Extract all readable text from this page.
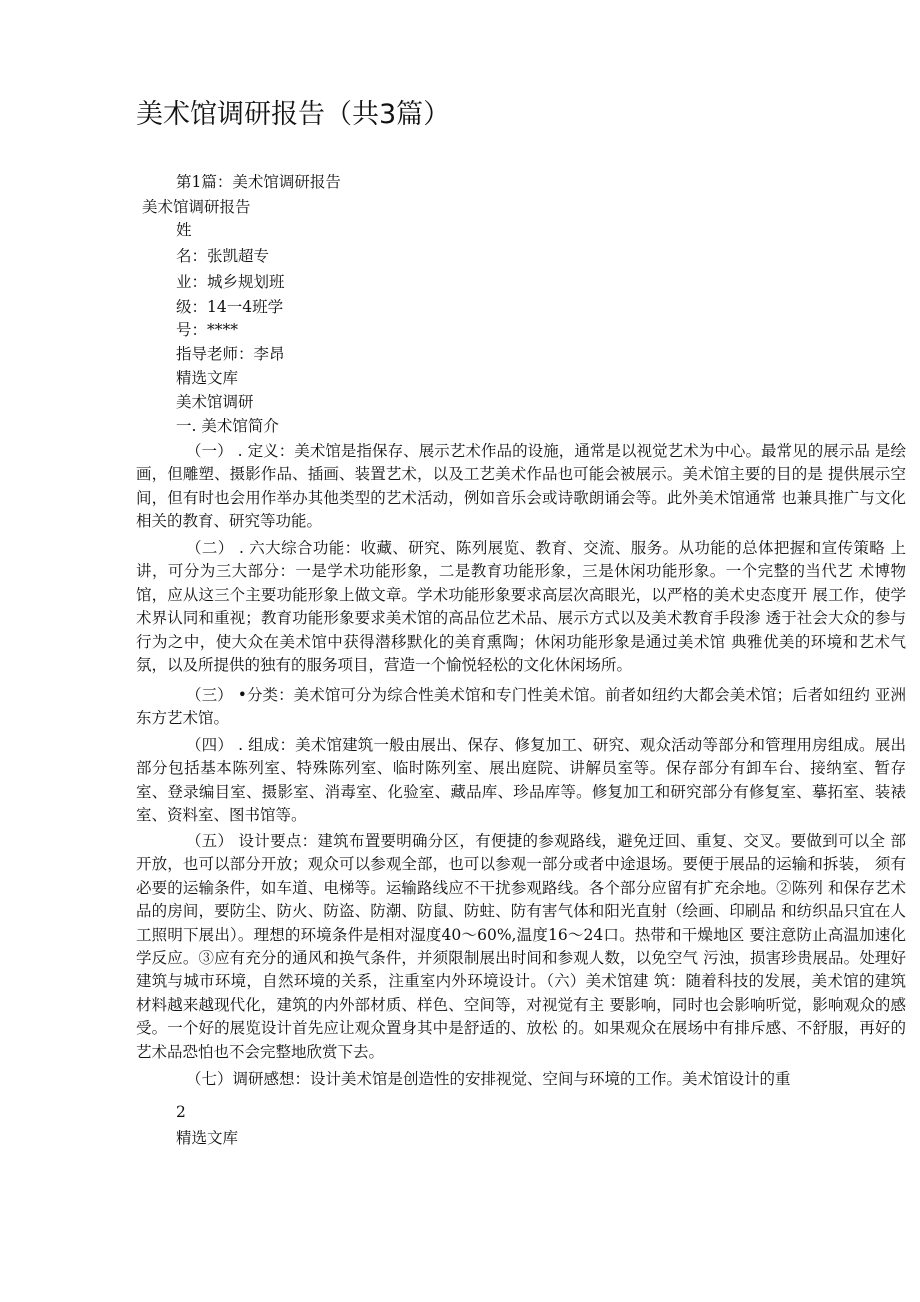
美术馆调研报告（共3篇）
第1篇：美术馆调研报告
美术馆调研报告
姓
名：张凯超专
业：城乡规划班
级：14一4班学
号：****
指导老师：李昂
精选文库
美术馆调研
一. 美术馆简介

（一） . 定义：美术馆是指保存、展示艺术作品的设施，通常是以视觉艺术为中心。最常见的展示品 是绘画，但雕塑、摄影作品、插画、装置艺术，以及工艺美术作品也可能会被展示。美术馆主要的目的是 提供展示空间，但有时也会用作举办其他类型的艺术活动，例如音乐会或诗歌朗诵会等。此外美术馆通常 也兼具推广与文化相关的教育、研究等功能。

（二） . 六大综合功能：收藏、研究、陈列展览、教育、交流、服务。从功能的总体把握和宣传策略 上讲，可分为三大部分：一是学术功能形象，二是教育功能形象，三是休闲功能形象。一个完整的当代艺 术博物馆，应从这三个主要功能形象上做文章。学术功能形象要求高层次高眼光，以严格的美术史态度开 展工作，使学术界认同和重视；教育功能形象要求美术馆的高品位艺术品、展示方式以及美术教育手段渗 透于社会大众的参与行为之中，使大众在美术馆中获得潜移默化的美育熏陶；休闲功能形象是通过美术馆 典雅优美的环境和艺术气氛，以及所提供的独有的服务项目，营造一个愉悦轻松的文化休闲场所。

（三） •分类：美术馆可分为综合性美术馆和专门性美术馆。前者如纽约大都会美术馆；后者如纽约 亚洲东方艺术馆。

（四） . 组成：美术馆建筑一般由展出、保存、修复加工、研究、观众活动等部分和管理用房组成。展出部分包括基本陈列室、特殊陈列室、临时陈列室、展出庭院、讲解员室等。保存部分有卸车台、接纳室、暂存室、登录编目室、摄影室、消毒室、化验室、藏品库、珍品库等。修复加工和研究部分有修复室、摹拓室、装裱室、资料室、图书馆等。

（五） 设计要点：建筑布置要明确分区，有便捷的参观路线，避免迂回、重复、交叉。要做到可以全 部开放，也可以部分开放；观众可以参观全部，也可以参观一部分或者中途退场。要便于展品的运输和拆装， 须有必要的运输条件，如车道、电梯等。运输路线应不干扰参观路线。各个部分应留有扩充余地。②陈列 和保存艺术品的房间，要防尘、防火、防盗、防潮、防鼠、防蛀、防有害气体和阳光直射（绘画、印刷品 和纺织品只宜在人工照明下展出）。理想的环境条件是相对湿度40～60%,温度16～24口。热带和干燥地区 要注意防止高温加速化学反应。③应有充分的通风和换气条件，并须限制展出时间和参观人数，以免空气 污浊，损害珍贵展品。处理好建筑与城市环境，自然环境的关系，注重室内外环境设计。（六）美术馆建 筑：随着科技的发展，美术馆的建筑材料越来越现代化，建筑的内外部材质、样色、空间等，对视觉有主 要影响，同时也会影响听觉，影响观众的感受。一个好的展览设计首先应让观众置身其中是舒适的、放松 的。如果观众在展场中有排斥感、不舒服，再好的艺术品恐怕也不会完整地欣赏下去。

（七）调研感想：设计美术馆是创造性的安排视觉、空间与环境的工作。美术馆设计的重

2
精选文库
